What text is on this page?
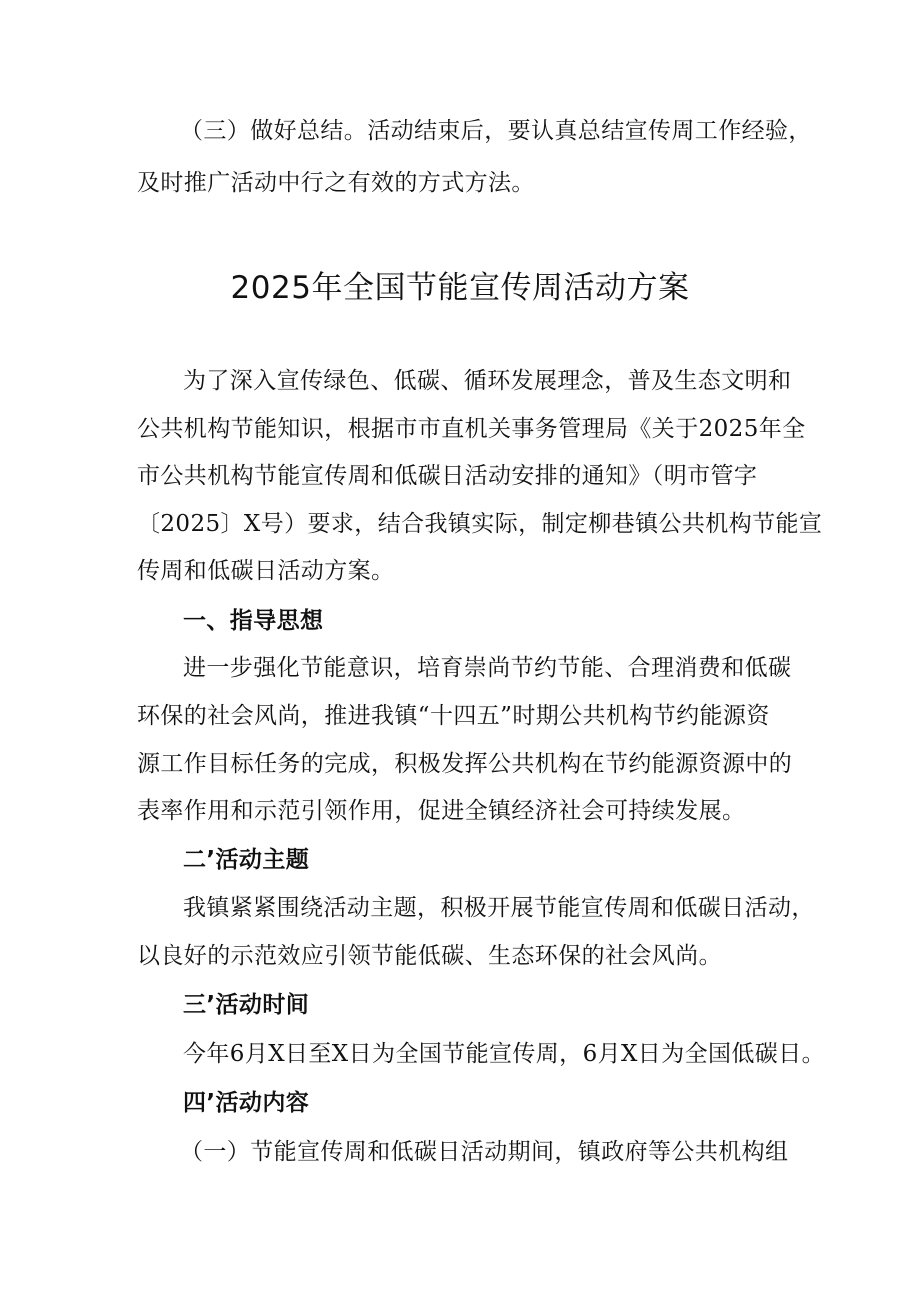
（三）做好总结。活动结束后，要认真总结宣传周工作经验，
及时推广活动中行之有效的方式方法。
2025年全国节能宣传周活动方案
为了深入宣传绿色、低碳、循环发展理念，普及生态文明和
公共机构节能知识，根据市市直机关事务管理局《关于2025年全
市公共机构节能宣传周和低碳日活动安排的通知》（明市管字
〔2025〕X号）要求，结合我镇实际，制定柳巷镇公共机构节能宣
传周和低碳日活动方案。
一、指导思想
进一步强化节能意识，培育崇尚节约节能、合理消费和低碳
环保的社会风尚，推进我镇“十四五”时期公共机构节约能源资
源工作目标任务的完成，积极发挥公共机构在节约能源资源中的
表率作用和示范引领作用，促进全镇经济社会可持续发展。
二’活动主题
我镇紧紧围绕活动主题，积极开展节能宣传周和低碳日活动，
以良好的示范效应引领节能低碳、生态环保的社会风尚。
三’活动时间
今年6月X日至X日为全国节能宣传周，6月X日为全国低碳日。
四’活动内容
（一）节能宣传周和低碳日活动期间，镇政府等公共机构组
